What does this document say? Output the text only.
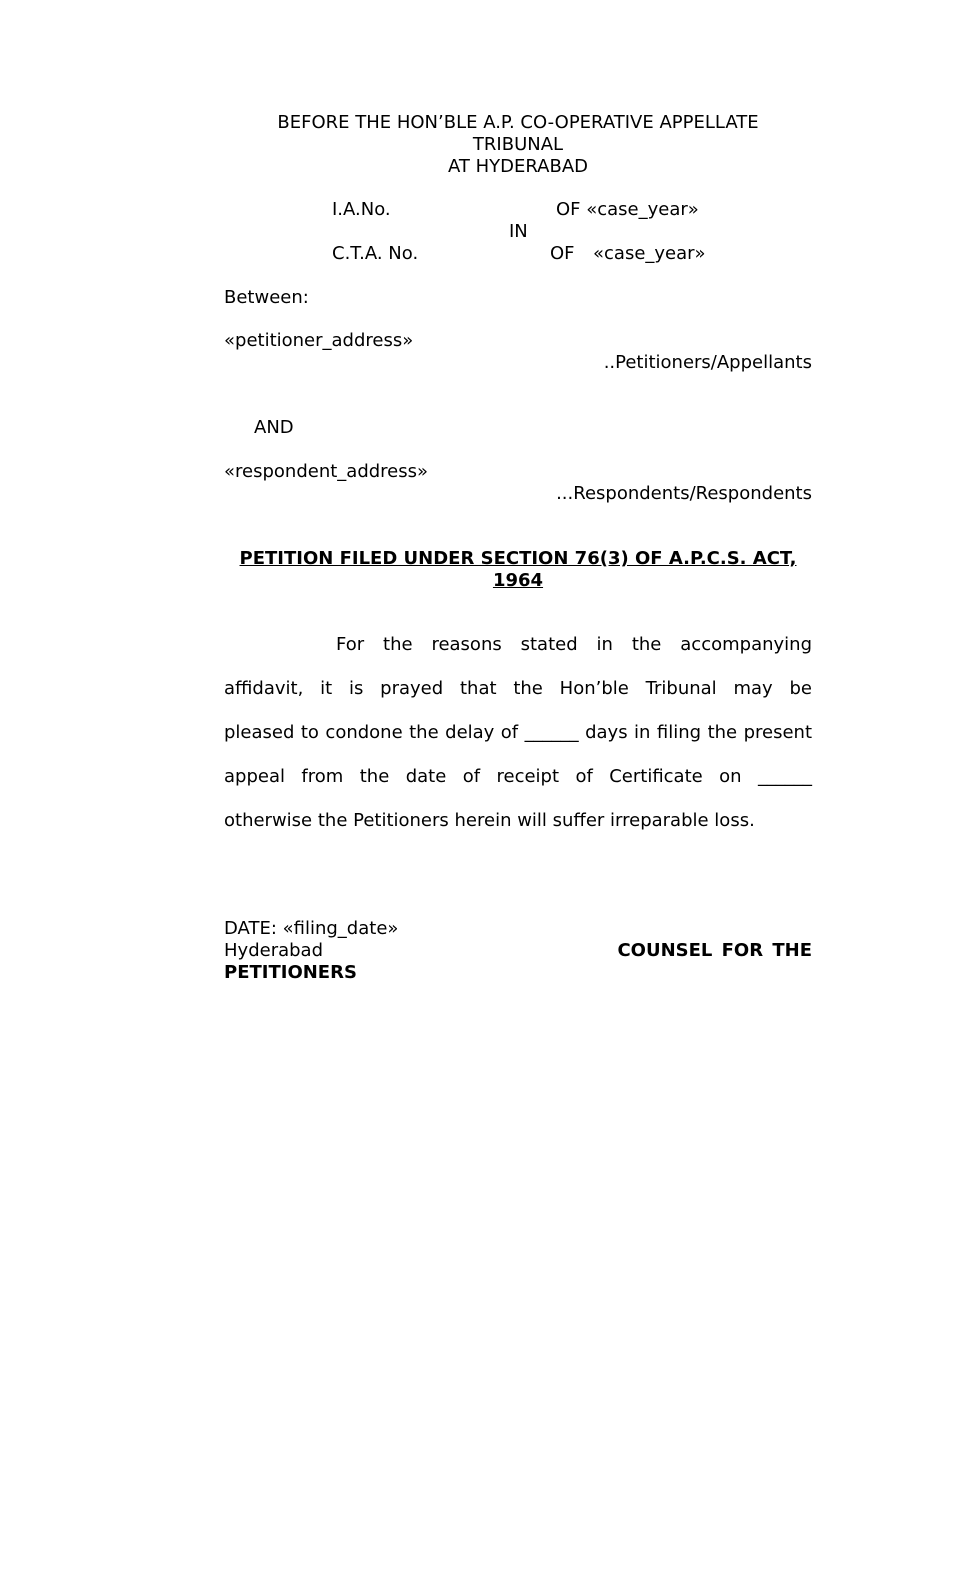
BEFORE THE HON’BLE A.P. CO-OPERATIVE APPELLATE
TRIBUNAL
AT HYDERABAD
I.A.No.	OF «case_year»
IN
C.T.A. No.	OF «case_year»
Between:
«petitioner_address»
..Petitioners/Appellants
AND
«respondent_address»
...Respondents/Respondents
PETITION FILED UNDER SECTION 76(3) OF A.P.C.S. ACT,
1964
For the reasons stated in the accompanying
affidavit, it is prayed that the Hon’ble Tribunal may be
pleased to condone the delay of ______ days in filing the present
appeal from the date of receipt of Certificate on ______
otherwise the Petitioners herein will suffer irreparable loss.
DATE: «filing_date»
Hyderabad	COUNSEL FOR THE
PETITIONERS
